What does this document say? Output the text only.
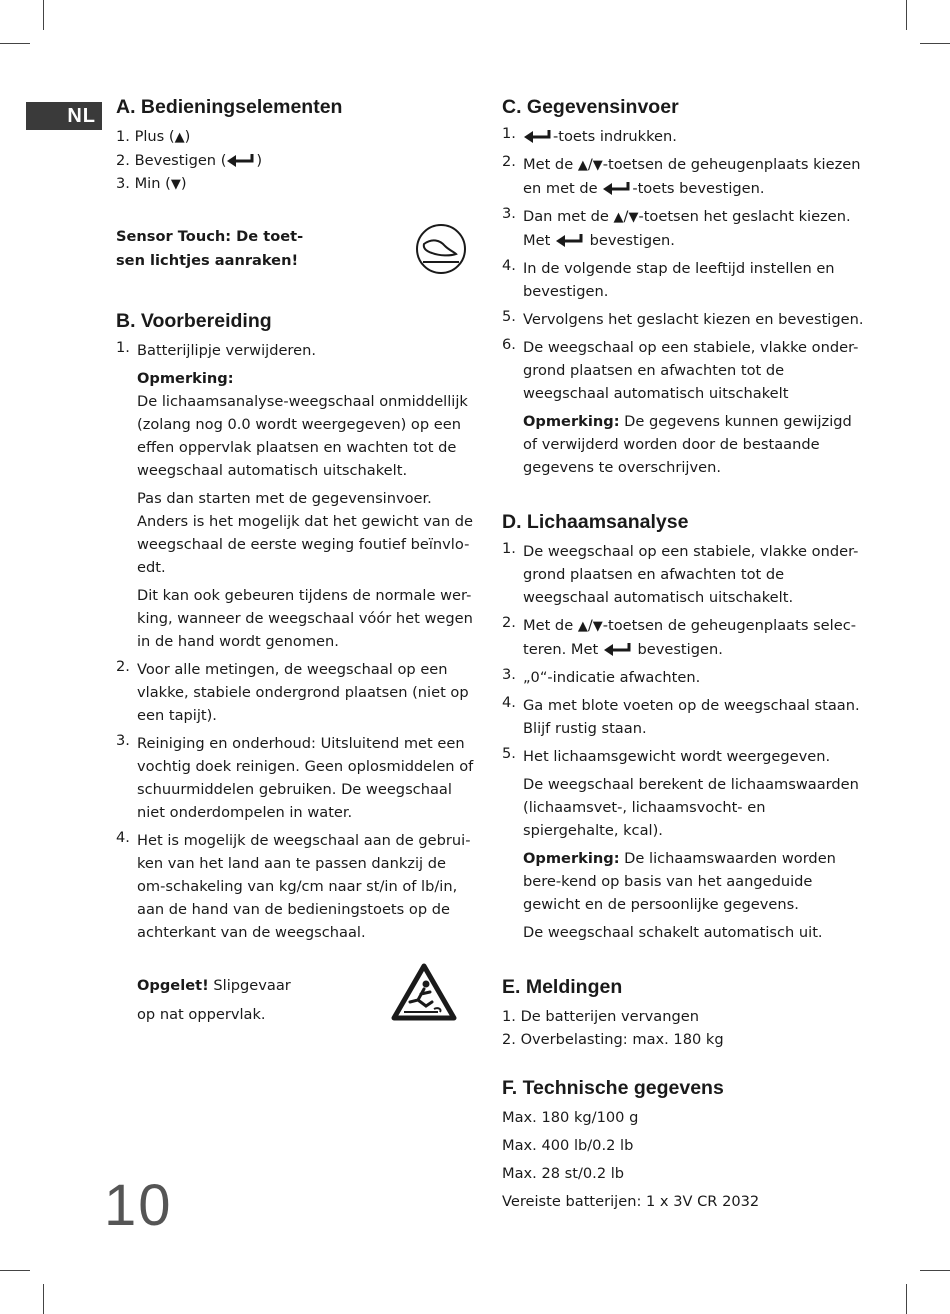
NL	A. Bedieningselementen
1. Plus (▲)
2. Bevestigen ( )
3. Min (▼)
Sensor Touch: De toet-
sen lichtjes aanraken!
B. Voorbereiding
1. Batterijlipje verwijderen.

Opmerking:

De lichaamsanalyse-weegschaal onmiddellijk (zolang nog 0.0 wordt weergegeven) op een effen oppervlak plaatsen en wachten tot de weegschaal automatisch uitschakelt.

Pas dan starten met de gegevensinvoer. Anders is het mogelijk dat het gewicht van de weegschaal de eerste weging foutief beïnvlo-edt.

Dit kan ook gebeuren tijdens de normale wer-king, wanneer de weegschaal vóór het wegen in de hand wordt genomen.

2. Voor alle metingen, de weegschaal op een vlakke, stabiele ondergrond plaatsen (niet op een tapijt).
3. Reiniging en onderhoud: Uitsluitend met een vochtig doek reinigen. Geen oplosmiddelen of schuurmiddelen gebruiken. De weegschaal niet onderdompelen in water.
4. Het is mogelijk de weegschaal aan de gebrui-ken van het land aan te passen dankzij de om-schakeling van kg/cm naar st/in of lb/in, aan de hand van de bedieningstoets op de achterkant van de weegschaal.

Opgelet! Slipgevaar

op nat oppervlak.

C. Gegevensinvoer
1.	-toets indrukken.
2. Met de ▲/▼-toetsen de geheugenplaats kiezen en met de -toets bevestigen.
3. Dan met de ▲/▼-toetsen het geslacht kiezen.
Met  bevestigen.
4. In de volgende stap de leeftijd instellen en bevestigen.
5. Vervolgens het geslacht kiezen en bevestigen.
6. De weegschaal op een stabiele, vlakke onder-grond plaatsen en afwachten tot de weegschaal automatisch uitschakelt

Opmerking: De gegevens kunnen gewijzigd of verwijderd worden door de bestaande gegevens te overschrijven.

D. Lichaamsanalyse
1. De weegschaal op een stabiele, vlakke onder-grond plaatsen en afwachten tot de weegschaal automatisch uitschakelt.
2. Met de ▲/▼-toetsen de geheugenplaats selec-teren. Met  bevestigen.
3. „0“-indicatie afwachten.
4. Ga met blote voeten op de weegschaal staan. Blijf rustig staan.
5. Het lichaamsgewicht wordt weergegeven.

De weegschaal berekent de lichaamswaarden (lichaamsvet-, lichaamsvocht- en spiergehalte, kcal).

Opmerking: De lichaamswaarden worden bere-kend op basis van het aangeduide gewicht en de persoonlijke gegevens.

De weegschaal schakelt automatisch uit.

E. Meldingen

1. De batterijen vervangen

2. Overbelasting: max. 180 kg

F. Technische gegevens

Max. 180 kg/100 g

Max. 400 lb/0.2 lb

Max. 28 st/0.2 lb

Vereiste batterijen: 1 x 3V CR 2032

10
